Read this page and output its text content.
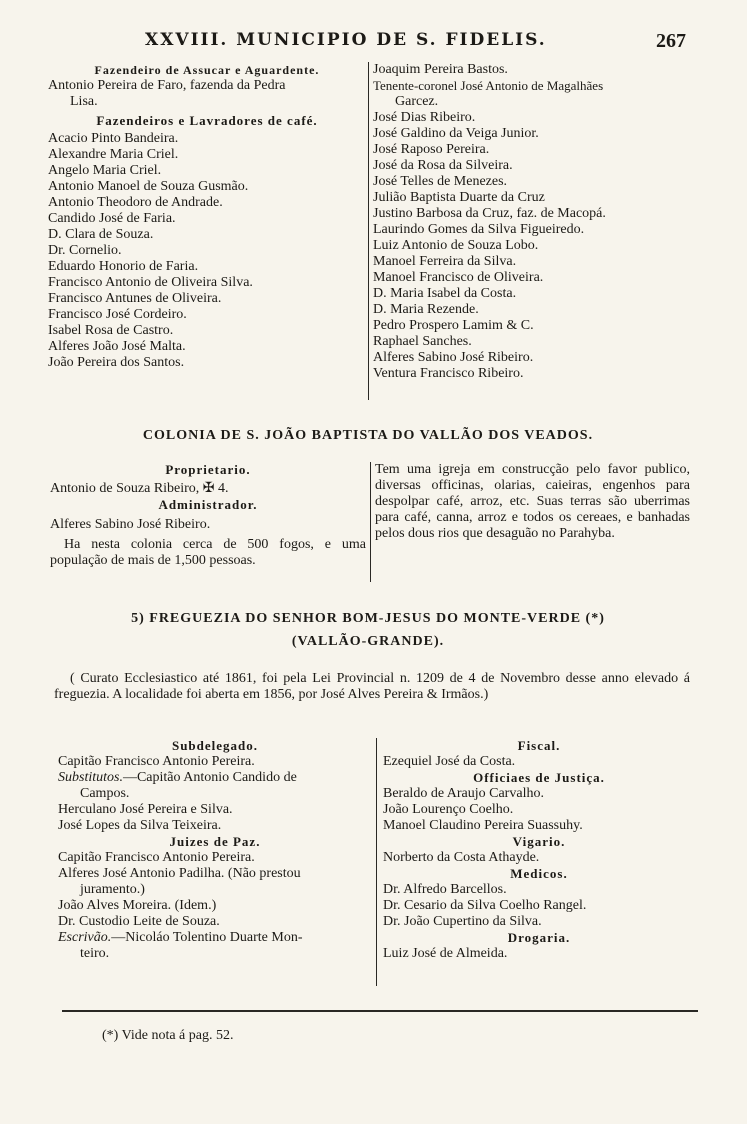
XXVIII. MUNICIPIO DE S. FIDELIS.	267
Fazendeiro de Assucar e Aguardente.
Antonio Pereira de Faro, fazenda da Pedra
Lisa.
Fazendeiros e Lavradores de café.
Acacio Pinto Bandeira.
Alexandre Maria Criel.
Angelo Maria Criel.
Antonio Manoel de Souza Gusmão.
Antonio Theodoro de Andrade.
Candido José de Faria.
D. Clara de Souza.
Dr. Cornelio.
Eduardo Honorio de Faria.
Francisco Antonio de Oliveira Silva.
Francisco Antunes de Oliveira.
Francisco José Cordeiro.
Isabel Rosa de Castro.
Alferes João José Malta.
João Pereira dos Santos.
Joaquim Pereira Bastos.
Tenente-coronel José Antonio de Magalhães
Garcez.
José Dias Ribeiro.
José Galdino da Veiga Junior.
José Raposo Pereira.
José da Rosa da Silveira.
José Telles de Menezes.
Julião Baptista Duarte da Cruz
Justino Barbosa da Cruz, faz. de Macopá.
Laurindo Gomes da Silva Figueiredo.
Luiz Antonio de Souza Lobo.
Manoel Ferreira da Silva.
Manoel Francisco de Oliveira.
D. Maria Isabel da Costa.
D. Maria Rezende.
Pedro Prospero Lamim & C.
Raphael Sanches.
Alferes Sabino José Ribeiro.
Ventura Francisco Ribeiro.
COLONIA DE S. JOÃO BAPTISTA DO VALLÃO DOS VEADOS.
Proprietario.
Antonio de Souza Ribeiro, ✠ 4.
Administrador.
Alferes Sabino José Ribeiro.
Ha nesta colonia cerca de 500 fogos, e uma população de mais de 1,500 pessoas.
Tem uma igreja em construcção pelo favor publico, diversas officinas, olarias, caieiras, engenhos para despolpar café, arroz, etc. Suas terras são uberrimas para café, canna, arroz e todos os cereaes, e banhadas pelos dous rios que desaguão no Parahyba.
5) FREGUEZIA DO SENHOR BOM-JESUS DO MONTE-VERDE (*)
(VALLÃO-GRANDE).
( Curato Ecclesiastico até 1861, foi pela Lei Provincial n. 1209 de 4 de Novembro desse anno elevado á freguezia. A localidade foi aberta em 1856, por José Alves Pereira & Irmãos.)
Subdelegado.
Capitão Francisco Antonio Pereira.
Substitutos.—Capitão Antonio Candido de
Campos.
Herculano José Pereira e Silva.
José Lopes da Silva Teixeira.
Juizes de Paz.
Capitão Francisco Antonio Pereira.
Alferes José Antonio Padilha. (Não prestou
juramento.)
João Alves Moreira. (Idem.)
Dr. Custodio Leite de Souza.
Escrivão.—Nicoláo Tolentino Duarte Mon-
teiro.
Fiscal.
Ezequiel José da Costa.
Officiaes de Justiça.
Beraldo de Araujo Carvalho.
João Lourenço Coelho.
Manoel Claudino Pereira Suassuhy.
Vigario.
Norberto da Costa Athayde.
Medicos.
Dr. Alfredo Barcellos.
Dr. Cesario da Silva Coelho Rangel.
Dr. João Cupertino da Silva.
Drogaria.
Luiz José de Almeida.
(*) Vide nota á pag. 52.
